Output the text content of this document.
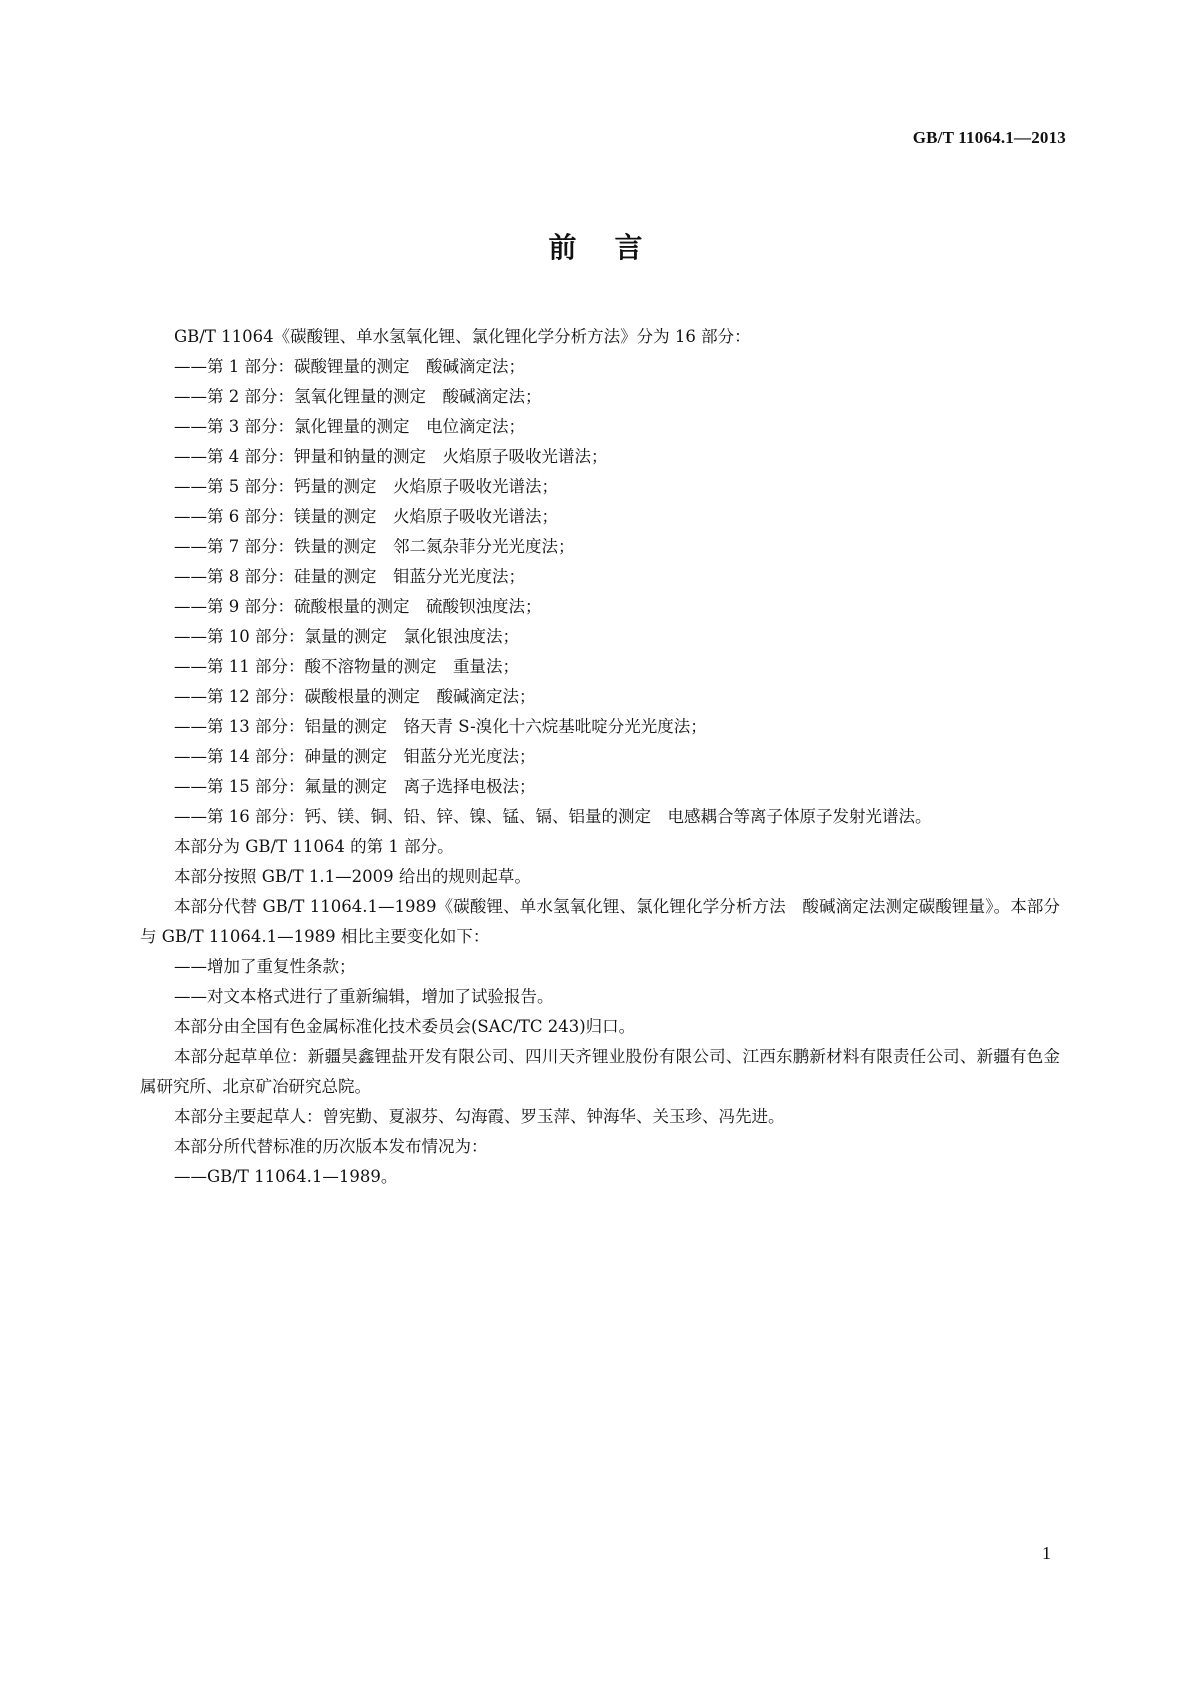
GB/T 11064.1—2013
前言

GB/T 11064《碳酸锂、单水氢氧化锂、氯化锂化学分析方法》分为 16 部分：

——第 1 部分：碳酸锂量的测定　酸碱滴定法；

——第 2 部分：氢氧化锂量的测定　酸碱滴定法；

——第 3 部分：氯化锂量的测定　电位滴定法；

——第 4 部分：钾量和钠量的测定　火焰原子吸收光谱法；

——第 5 部分：钙量的测定　火焰原子吸收光谱法；

——第 6 部分：镁量的测定　火焰原子吸收光谱法；

——第 7 部分：铁量的测定　邻二氮杂菲分光光度法；

——第 8 部分：硅量的测定　钼蓝分光光度法；

——第 9 部分：硫酸根量的测定　硫酸钡浊度法；

——第 10 部分：氯量的测定　氯化银浊度法；

——第 11 部分：酸不溶物量的测定　重量法；

——第 12 部分：碳酸根量的测定　酸碱滴定法；

——第 13 部分：铝量的测定　铬天青 S-溴化十六烷基吡啶分光光度法；

——第 14 部分：砷量的测定　钼蓝分光光度法；

——第 15 部分：氟量的测定　离子选择电极法；

——第 16 部分：钙、镁、铜、铅、锌、镍、锰、镉、铝量的测定　电感耦合等离子体原子发射光谱法。

本部分为 GB/T 11064 的第 1 部分。

本部分按照 GB/T 1.1—2009 给出的规则起草。

本部分代替 GB/T 11064.1—1989《碳酸锂、单水氢氧化锂、氯化锂化学分析方法　酸碱滴定法测定碳酸锂量》。本部分与 GB/T 11064.1—1989 相比主要变化如下：

——增加了重复性条款；

——对文本格式进行了重新编辑，增加了试验报告。

本部分由全国有色金属标准化技术委员会(SAC/TC 243)归口。

本部分起草单位：新疆昊鑫锂盐开发有限公司、四川天齐锂业股份有限公司、江西东鹏新材料有限责任公司、新疆有色金属研究所、北京矿冶研究总院。

本部分主要起草人：曾宪勤、夏淑芬、勾海霞、罗玉萍、钟海华、关玉珍、冯先进。

本部分所代替标准的历次版本发布情况为：

——GB/T 11064.1—1989。

1
